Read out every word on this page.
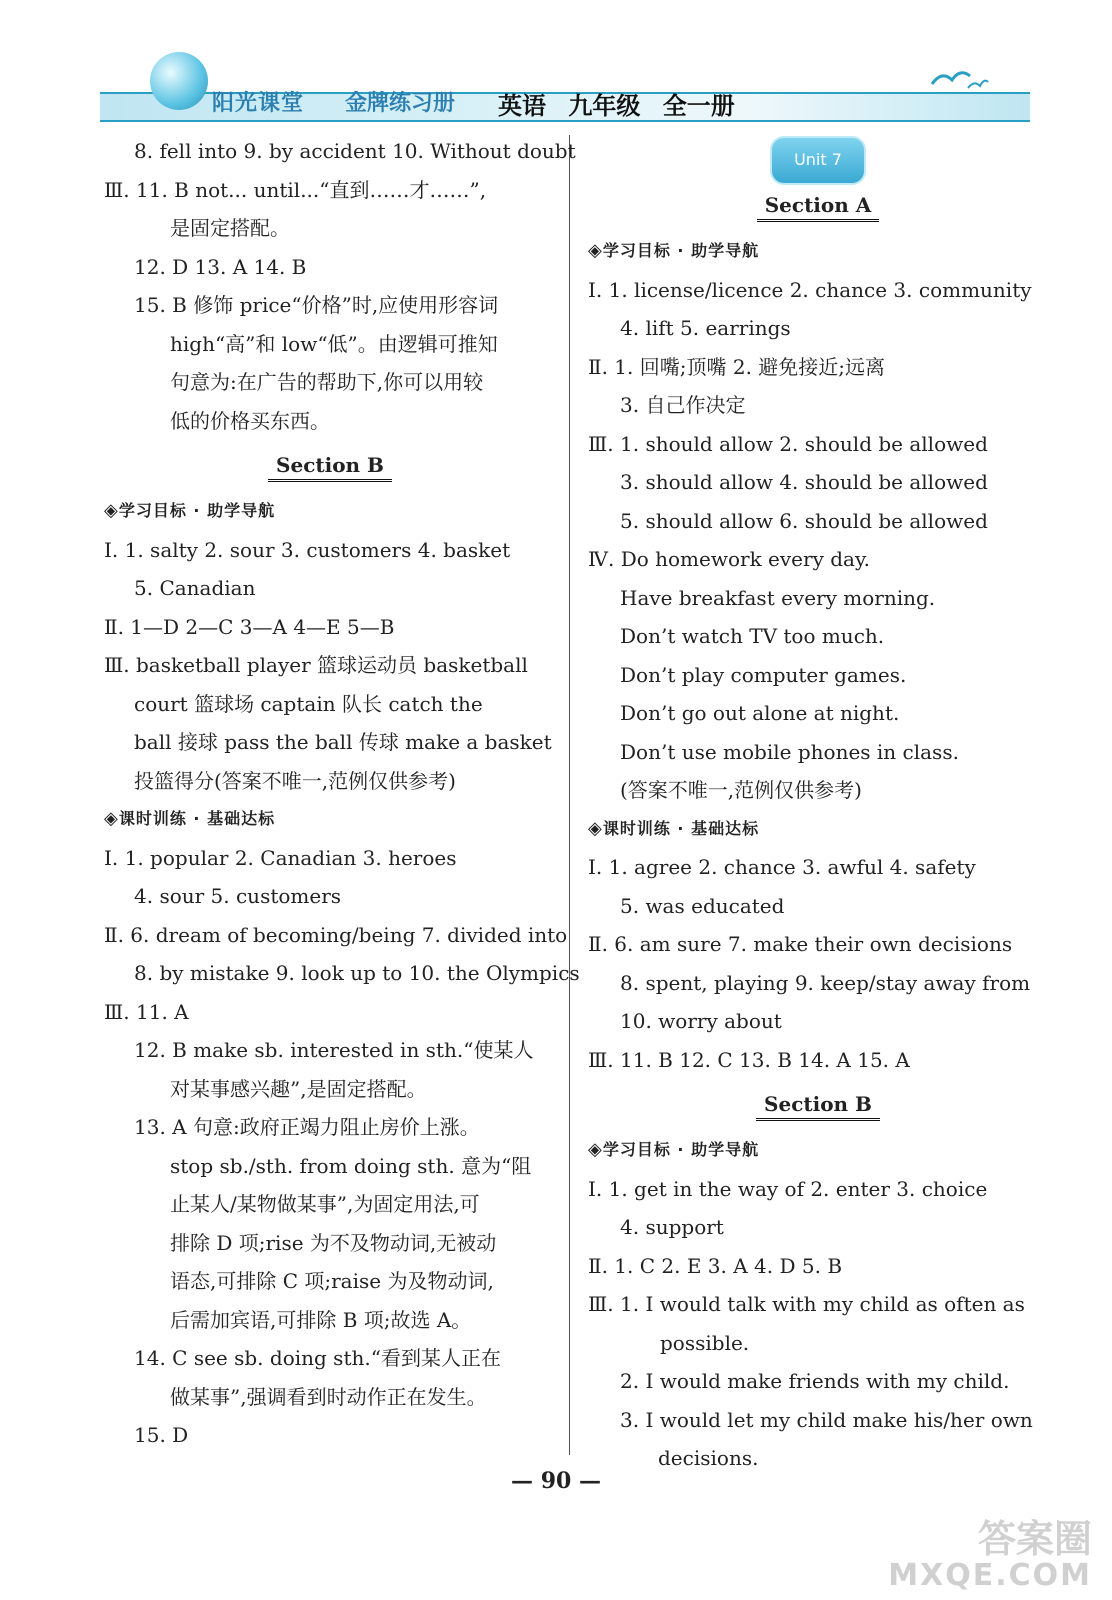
阳光课堂 金牌练习册 英语 九年级 全一册
8. fell into 9. by accident 10. Without doubt
Ⅲ. 11. B not... until...“直到……才……”,
是固定搭配。
12. D 13. A 14. B
15. B 修饰 price“价格”时,应使用形容词
high“高”和 low“低”。由逻辑可推知
句意为:在广告的帮助下,你可以用较
低的价格买东西。
Section B
◈学习目标 · 助学导航
Ⅰ. 1. salty 2. sour 3. customers 4. basket
5. Canadian
Ⅱ. 1—D 2—C 3—A 4—E 5—B
Ⅲ. basketball player 篮球运动员 basketball
court 篮球场 captain 队长 catch the
ball 接球 pass the ball 传球 make a basket
投篮得分(答案不唯一,范例仅供参考)
◈课时训练 · 基础达标
Ⅰ. 1. popular 2. Canadian 3. heroes
4. sour 5. customers
Ⅱ. 6. dream of becoming/being 7. divided into
8. by mistake 9. look up to 10. the Olympics
Ⅲ. 11. A
12. B make sb. interested in sth.“使某人
对某事感兴趣”,是固定搭配。
13. A 句意:政府正竭力阻止房价上涨。
stop sb./sth. from doing sth. 意为“阻
止某人/某物做某事”,为固定用法,可
排除 D 项;rise 为不及物动词,无被动
语态,可排除 C 项;raise 为及物动词,
后需加宾语,可排除 B 项;故选 A。
14. C see sb. doing sth.“看到某人正在
做某事”,强调看到时动作正在发生。
15. D
Unit 7
Section A
◈学习目标 · 助学导航
Ⅰ. 1. license/licence 2. chance 3. community
4. lift 5. earrings
Ⅱ. 1. 回嘴;顶嘴 2. 避免接近;远离
3. 自己作决定
Ⅲ. 1. should allow 2. should be allowed
3. should allow 4. should be allowed
5. should allow 6. should be allowed
Ⅳ. Do homework every day.
Have breakfast every morning.
Don’t watch TV too much.
Don’t play computer games.
Don’t go out alone at night.
Don’t use mobile phones in class.
(答案不唯一,范例仅供参考)
◈课时训练 · 基础达标
Ⅰ. 1. agree 2. chance 3. awful 4. safety
5. was educated
Ⅱ. 6. am sure 7. make their own decisions
8. spent, playing 9. keep/stay away from
10. worry about
Ⅲ. 11. B 12. C 13. B 14. A 15. A
Section B
◈学习目标 · 助学导航
Ⅰ. 1. get in the way of 2. enter 3. choice
4. support
Ⅱ. 1. C 2. E 3. A 4. D 5. B
Ⅲ. 1. I would talk with my child as often as
possible.
2. I would make friends with my child.
3. I would let my child make his/her own
decisions.
— 90 —
答案圈
MXQE.COM
